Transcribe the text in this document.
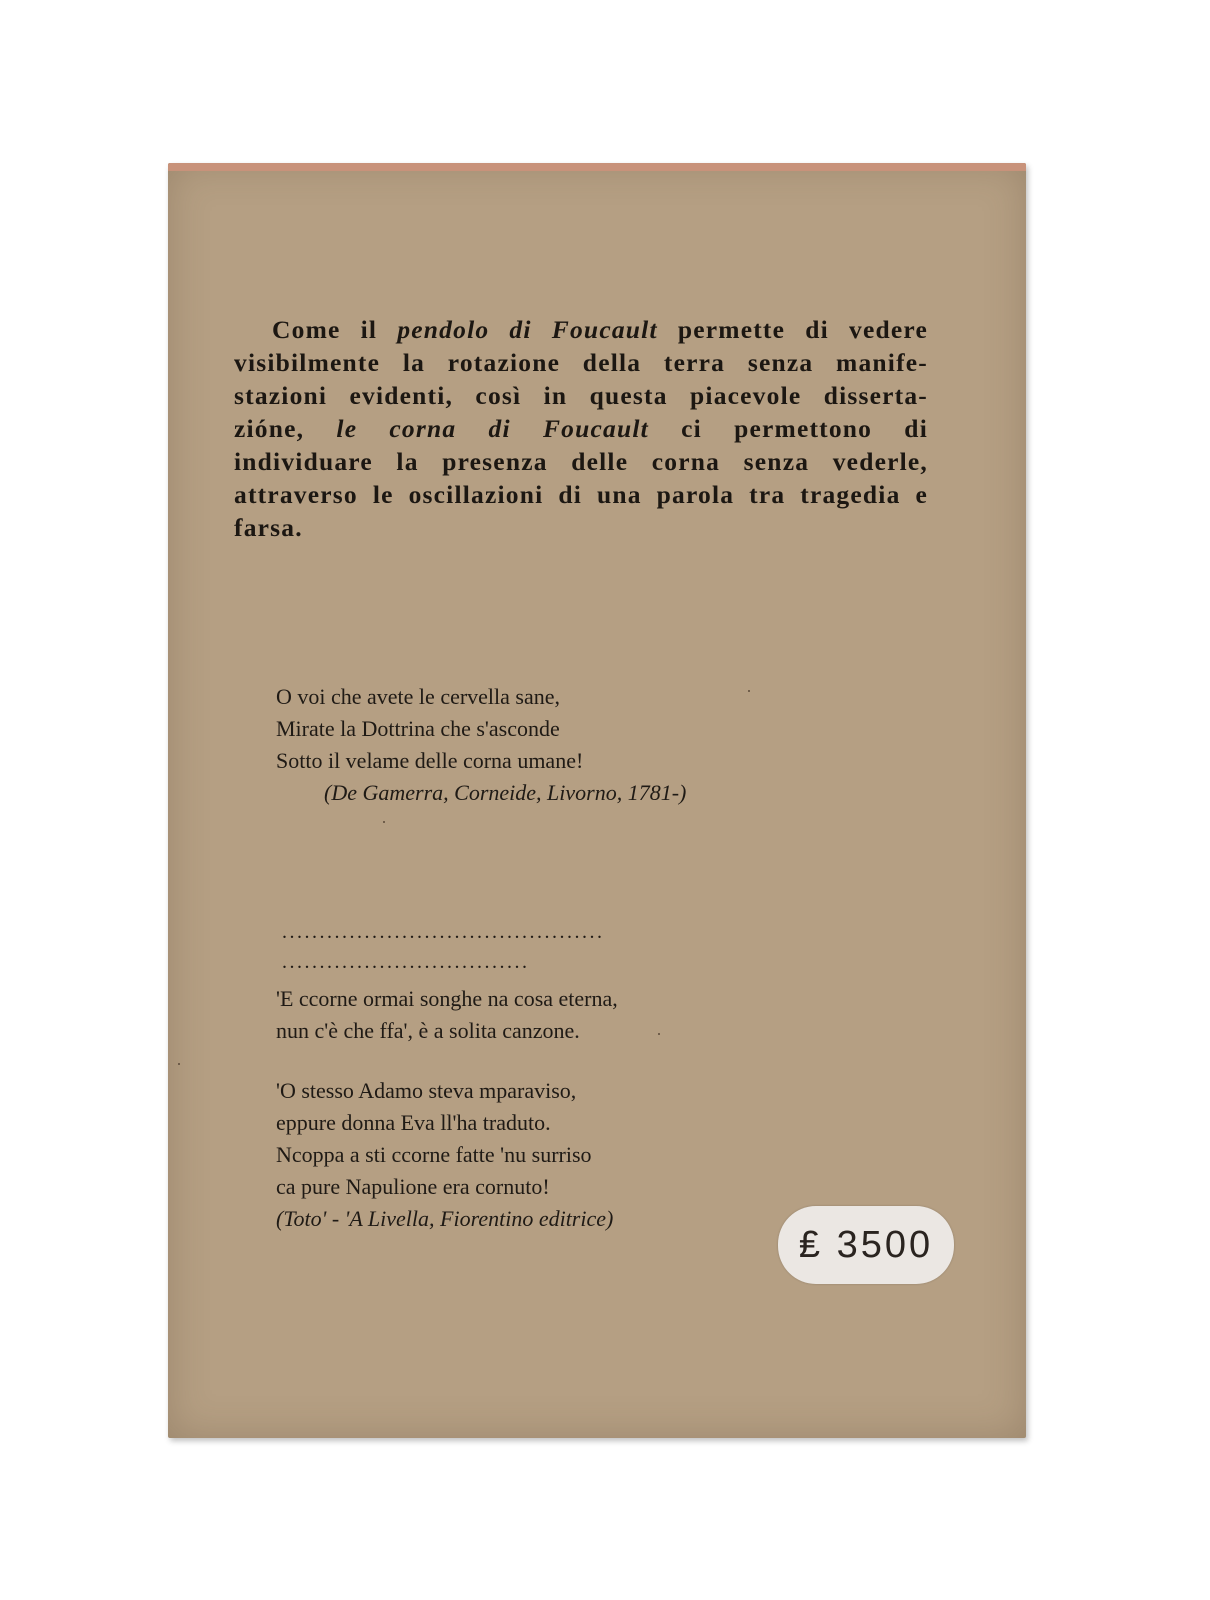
Come il pendolo di Foucault permette di vedere visibilmente la rotazione della terra senza manife-stazioni evidenti, così in questa piacevole disserta-zióne, le corna di Foucault ci permettono di individuare la presenza delle corna senza vederle, attraverso le oscillazioni di una parola tra tragedia e farsa.

O voi che avete le cervella sane,
Mirate la Dottrina che s'asconde
Sotto il velame delle corna umane!
(De Gamerra, Corneide, Livorno, 1781-)
...........................................
.................................
'E ccorne ormai songhe na cosa eterna,
nun c'è che ffa', è a solita canzone.
'O stesso Adamo steva mparaviso,
eppure donna Eva ll'ha traduto.
Ncoppa a sti ccorne fatte 'nu surriso
ca pure Napulione era cornuto!
(Toto' - 'A Livella, Fiorentino editrice)
₤ 3500
